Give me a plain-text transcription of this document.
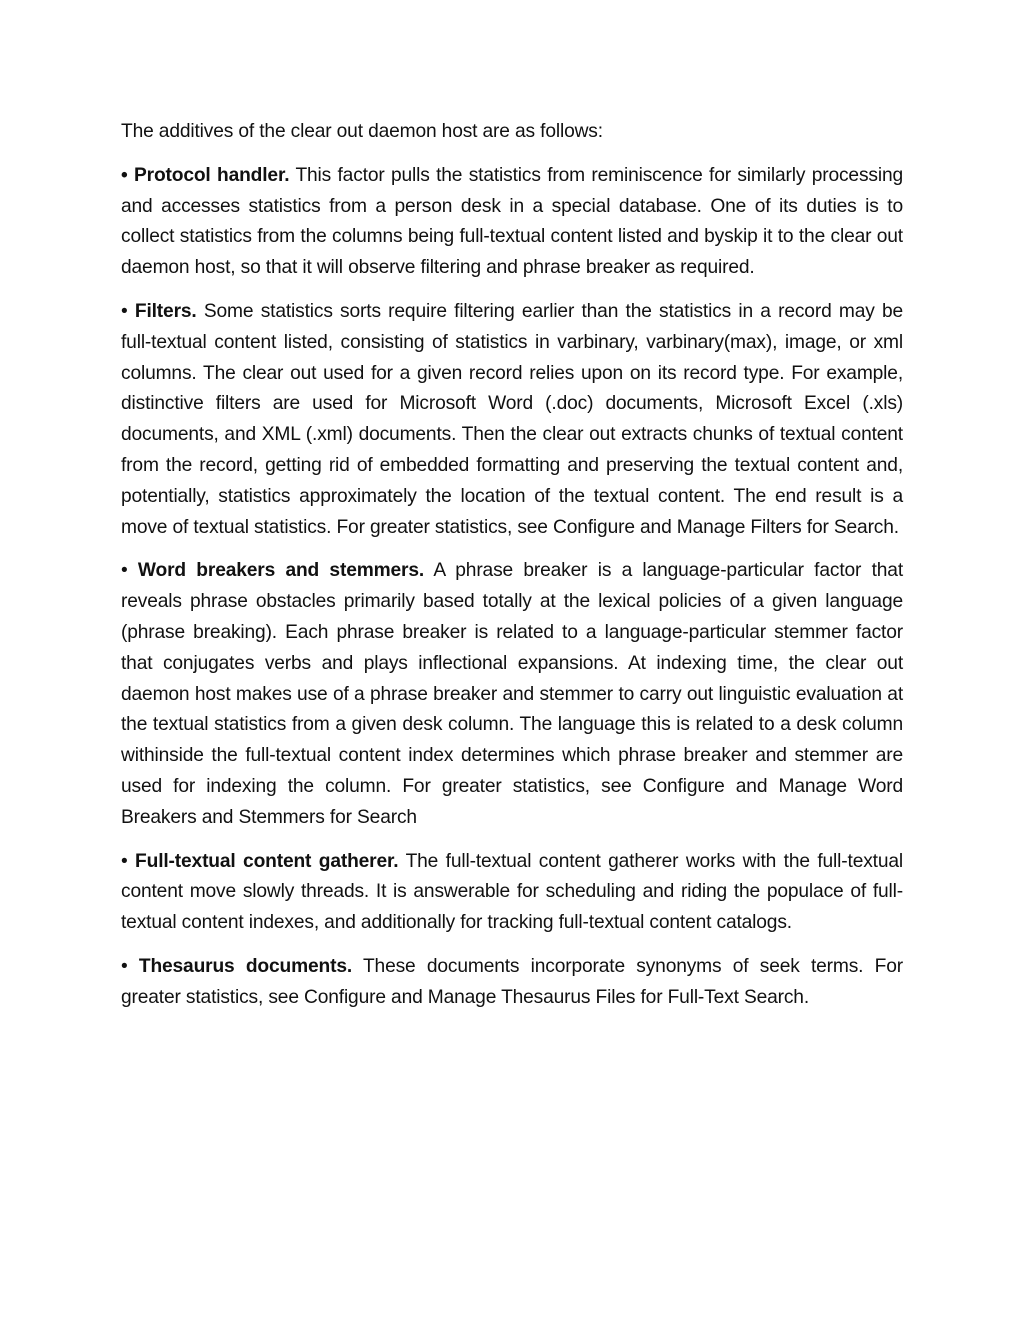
The additives of the clear out daemon host are as follows:

• Protocol handler. This factor pulls the statistics from reminiscence for similarly processing and accesses statistics from a person desk in a special database. One of its duties is to collect statistics from the columns being full-textual content listed and byskip it to the clear out daemon host, so that it will observe filtering and phrase breaker as required.

• Filters. Some statistics sorts require filtering earlier than the statistics in a record may be full-textual content listed, consisting of statistics in varbinary, varbinary(max), image, or xml columns. The clear out used for a given record relies upon on its record type. For example, distinctive filters are used for Microsoft Word (.doc) documents, Microsoft Excel (.xls) documents, and XML (.xml) documents. Then the clear out extracts chunks of textual content from the record, getting rid of embedded formatting and preserving the textual content and, potentially, statistics approximately the location of the textual content. The end result is a move of textual statistics. For greater statistics, see Configure and Manage Filters for Search.

• Word breakers and stemmers. A phrase breaker is a language-particular factor that reveals phrase obstacles primarily based totally at the lexical policies of a given language (phrase breaking). Each phrase breaker is related to a language-particular stemmer factor that conjugates verbs and plays inflectional expansions. At indexing time, the clear out daemon host makes use of a phrase breaker and stemmer to carry out linguistic evaluation at the textual statistics from a given desk column. The language this is related to a desk column withinside the full-textual content index determines which phrase breaker and stemmer are used for indexing the column. For greater statistics, see Configure and Manage Word Breakers and Stemmers for Search

• Full-textual content gatherer. The full-textual content gatherer works with the full-textual content move slowly threads. It is answerable for scheduling and riding the populace of full-textual content indexes, and additionally for tracking full-textual content catalogs.

• Thesaurus documents. These documents incorporate synonyms of seek terms. For greater statistics, see Configure and Manage Thesaurus Files for Full-Text Search.
